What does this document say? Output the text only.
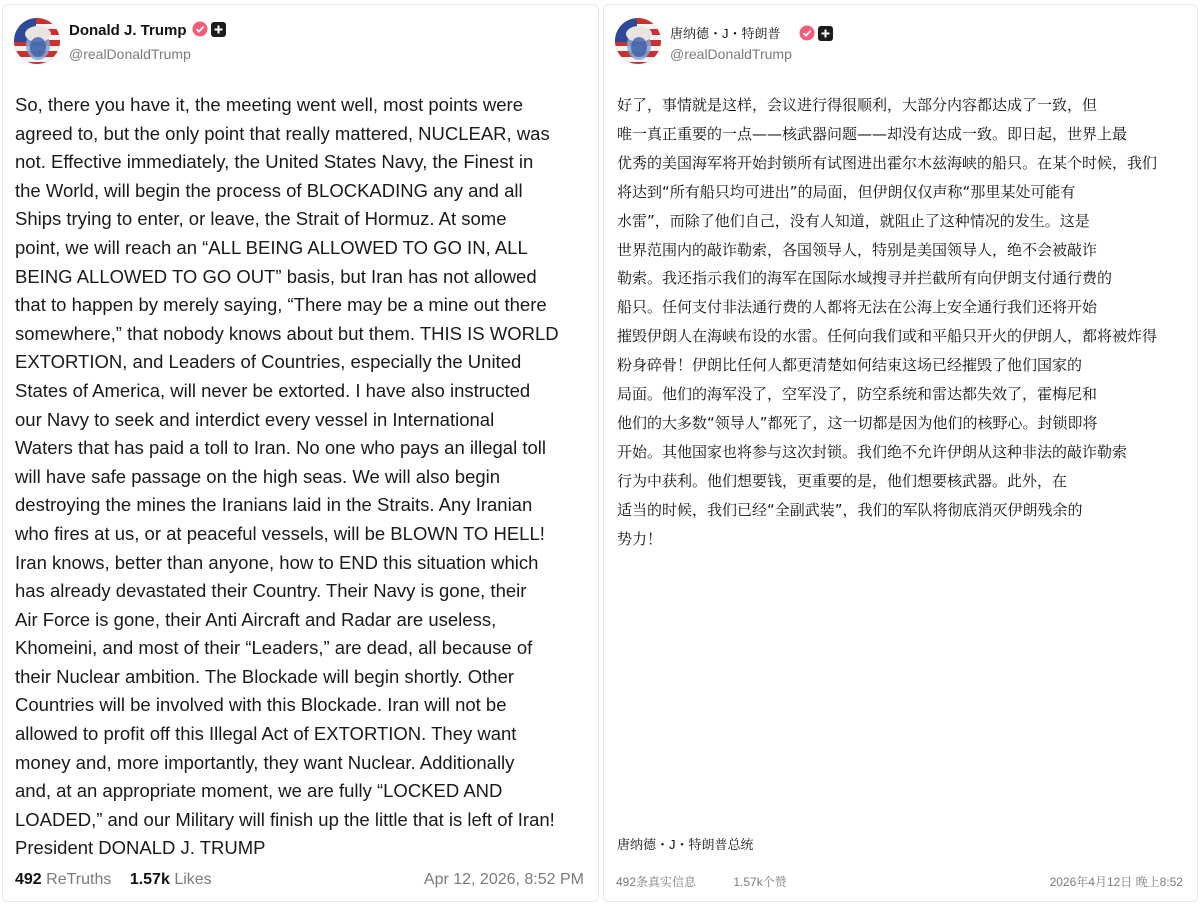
Donald J. Trump
@realDonaldTrump
So, there you have it, the meeting went well, most points were
agreed to, but the only point that really mattered, NUCLEAR, was
not. Effective immediately, the United States Navy, the Finest in
the World, will begin the process of BLOCKADING any and all
Ships trying to enter, or leave, the Strait of Hormuz. At some
point, we will reach an “ALL BEING ALLOWED TO GO IN, ALL
BEING ALLOWED TO GO OUT” basis, but Iran has not allowed
that to happen by merely saying, “There may be a mine out there
somewhere,” that nobody knows about but them. THIS IS WORLD
EXTORTION, and Leaders of Countries, especially the United
States of America, will never be extorted. I have also instructed
our Navy to seek and interdict every vessel in International
Waters that has paid a toll to Iran. No one who pays an illegal toll
will have safe passage on the high seas. We will also begin
destroying the mines the Iranians laid in the Straits. Any Iranian
who fires at us, or at peaceful vessels, will be BLOWN TO HELL!
Iran knows, better than anyone, how to END this situation which
has already devastated their Country. Their Navy is gone, their
Air Force is gone, their Anti Aircraft and Radar are useless,
Khomeini, and most of their “Leaders,” are dead, all because of
their Nuclear ambition. The Blockade will begin shortly. Other
Countries will be involved with this Blockade. Iran will not be
allowed to profit off this Illegal Act of EXTORTION. They want
money and, more importantly, they want Nuclear. Additionally
and, at an appropriate moment, we are fully “LOCKED AND
LOADED,” and our Military will finish up the little that is left of Iran!
President DONALD J. TRUMP
492 ReTruths 1.57k Likes	Apr 12, 2026, 8:52 PM
唐纳德・J・特朗普
@realDonaldTrump
好了，事情就是这样，会议进行得很顺利，大部分内容都达成了一致，但
唯一真正重要的一点——核武器问题——却没有达成一致。即日起，世界上最
优秀的美国海军将开始封锁所有试图进出霍尔木兹海峡的船只。在某个时候，我们
将达到“所有船只均可进出”的局面，但伊朗仅仅声称“那里某处可能有
水雷”，而除了他们自己，没有人知道，就阻止了这种情况的发生。这是
世界范围内的敲诈勒索，各国领导人，特别是美国领导人，绝不会被敲诈
勒索。我还指示我们的海军在国际水域搜寻并拦截所有向伊朗支付通行费的
船只。任何支付非法通行费的人都将无法在公海上安全通行我们还将开始
摧毁伊朗人在海峡布设的水雷。任何向我们或和平船只开火的伊朗人，都将被炸得
粉身碎骨！伊朗比任何人都更清楚如何结束这场已经摧毁了他们国家的
局面。他们的海军没了，空军没了，防空系统和雷达都失效了，霍梅尼和
他们的大多数“领导人”都死了，这一切都是因为他们的核野心。封锁即将
开始。其他国家也将参与这次封锁。我们绝不允许伊朗从这种非法的敲诈勒索
行为中获利。他们想要钱，更重要的是，他们想要核武器。此外，在
适当的时候，我们已经“全副武装”，我们的军队将彻底消灭伊朗残余的
势力！
唐纳德・J・特朗普总统
492条真实信息	1.57k个赞	2026年4月12日 晚上8:52
